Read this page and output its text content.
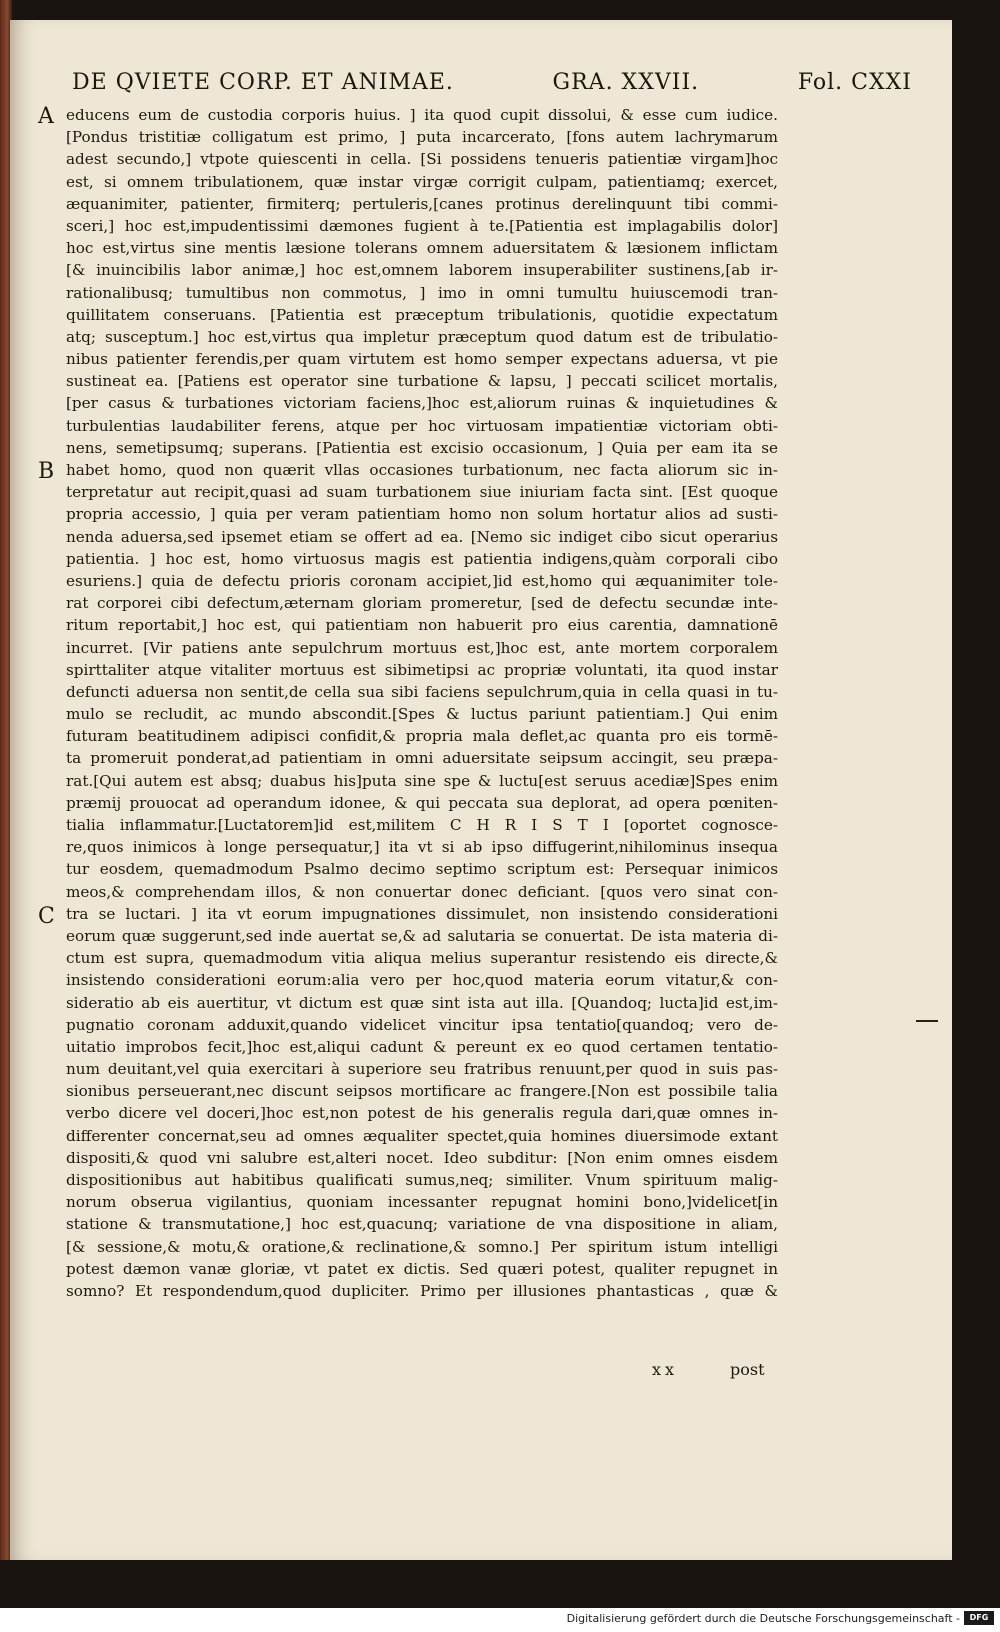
DE QVIETE CORP. ET ANIMAE.	GRA. XXVII.	Fol. CXXI
A
B
C
educens eum de custodia corporis huius. ] ita quod cupit dissolui, & esse cum iudice.
[Pondus tristitiæ colligatum est primo, ] puta incarcerato, [fons autem lachrymarum
adest secundo,] vtpote quiescenti in cella. [Si possidens tenueris patientiæ virgam]hoc
est, si omnem tribulationem, quæ instar virgæ corrigit culpam, patientiamq; exercet,
æquanimiter, patienter, firmiterq; pertuleris,[canes protinus derelinquunt tibi commi-
sceri,] hoc est,impudentissimi dæmones fugient à te.[Patientia est implagabilis dolor]
hoc est,virtus sine mentis læsione tolerans omnem aduersitatem & læsionem inflictam
[& inuincibilis labor animæ,] hoc est,omnem laborem insuperabiliter sustinens,[ab ir-
rationalibusq; tumultibus non commotus, ] imo in omni tumultu huiuscemodi tran-
quillitatem conseruans. [Patientia est præceptum tribulationis, quotidie expectatum
atq; susceptum.] hoc est,virtus qua impletur præceptum quod datum est de tribulatio-
nibus patienter ferendis,per quam virtutem est homo semper expectans aduersa, vt pie
sustineat ea. [Patiens est operator sine turbatione & lapsu, ] peccati scilicet mortalis,
[per casus & turbationes victoriam faciens,]hoc est,aliorum ruinas & inquietudines &
turbulentias laudabiliter ferens, atque per hoc virtuosam impatientiæ victoriam obti-
nens, semetipsumq; superans. [Patientia est excisio occasionum, ] Quia per eam ita se
habet homo, quod non quærit vllas occasiones turbationum, nec facta aliorum sic in-
terpretatur aut recipit,quasi ad suam turbationem siue iniuriam facta sint. [Est quoque
propria accessio, ] quia per veram patientiam homo non solum hortatur alios ad susti-
nenda aduersa,sed ipsemet etiam se offert ad ea. [Nemo sic indiget cibo sicut operarius
patientia. ] hoc est, homo virtuosus magis est patientia indigens,quàm corporali cibo
esuriens.] quia de defectu prioris coronam accipiet,]id est,homo qui æquanimiter tole-
rat corporei cibi defectum,æternam gloriam promeretur, [sed de defectu secundæ inte-
ritum reportabit,] hoc est, qui patientiam non habuerit pro eius carentia, damnationē
incurret. [Vir patiens ante sepulchrum mortuus est,]hoc est, ante mortem corporalem
spirttaliter atque vitaliter mortuus est sibimetipsi ac propriæ voluntati, ita quod instar
defuncti aduersa non sentit,de cella sua sibi faciens sepulchrum,quia in cella quasi in tu-
mulo se recludit, ac mundo abscondit.[Spes & luctus pariunt patientiam.] Qui enim
futuram beatitudinem adipisci confidit,& propria mala deflet,ac quanta pro eis tormē-
ta promeruit ponderat,ad patientiam in omni aduersitate seipsum accingit, seu præpa-
rat.[Qui autem est absq; duabus his]puta sine spe & luctu[est seruus acediæ]Spes enim
præmij prouocat ad operandum idonee, & qui peccata sua deplorat, ad opera pœniten-
tialia inflammatur.[Luctatorem]id est,militem C H R I S T I [oportet cognosce-
re,quos inimicos à longe persequatur,] ita vt si ab ipso diffugerint,nihilominus insequa
tur eosdem, quemadmodum Psalmo decimo septimo scriptum est: Persequar inimicos
meos,& comprehendam illos, & non conuertar donec deficiant. [quos vero sinat con-
tra se luctari. ] ita vt eorum impugnationes dissimulet, non insistendo considerationi
eorum quæ suggerunt,sed inde auertat se,& ad salutaria se conuertat. De ista materia di-
ctum est supra, quemadmodum vitia aliqua melius superantur resistendo eis directe,&
insistendo considerationi eorum:alia vero per hoc,quod materia eorum vitatur,& con-
sideratio ab eis auertitur, vt dictum est quæ sint ista aut illa. [Quandoq; lucta]id est,im-
pugnatio coronam adduxit,quando videlicet vincitur ipsa tentatio[quandoq; vero de-
uitatio improbos fecit,]hoc est,aliqui cadunt & pereunt ex eo quod certamen tentatio-
num deuitant,vel quia exercitari à superiore seu fratribus renuunt,per quod in suis pas-
sionibus perseuerant,nec discunt seipsos mortificare ac frangere.[Non est possibile talia
verbo dicere vel doceri,]hoc est,non potest de his generalis regula dari,quæ omnes in-
differenter concernat,seu ad omnes æqualiter spectet,quia homines diuersimode extant
dispositi,& quod vni salubre est,alteri nocet. Ideo subditur: [Non enim omnes eisdem
dispositionibus aut habitibus qualificati sumus,neq; similiter. Vnum spirituum malig-
norum obserua vigilantius, quoniam incessanter repugnat homini bono,]videlicet[in
statione & transmutatione,] hoc est,quacunq; variatione de vna dispositione in aliam,
[& sessione,& motu,& oratione,& reclinatione,& somno.] Per spiritum istum intelligi
potest dæmon vanæ gloriæ, vt patet ex dictis. Sed quæri potest, qualiter repugnet in
somno? Et respondendum,quod dupliciter. Primo per illusiones phantasticas , quæ &
xx	post
Digitalisierung gefördert durch die Deutsche Forschungsgemeinschaft -	DFG
